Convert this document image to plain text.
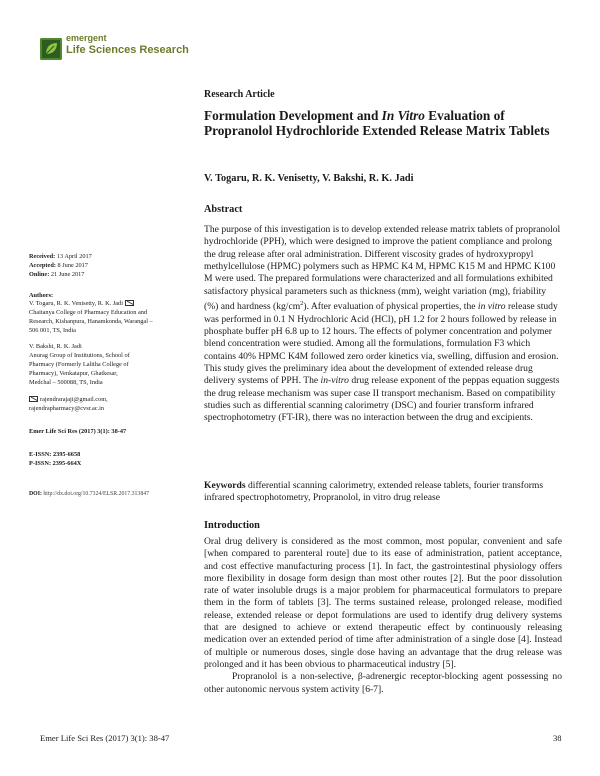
emergent
Life Sciences Research
Research Article
Formulation Development and In Vitro Evaluation of Propranolol Hydrochloride Extended Release Matrix Tablets
V. Togaru, R. K. Venisetty, V. Bakshi, R. K. Jadi
Abstract
The purpose of this investigation is to develop extended release matrix tablets of propranolol hydrochloride (PPH), which were designed to improve the patient compliance and prolong the drug release after oral administration. Different viscosity grades of hydroxypropyl methylcellulose (HPMC) polymers such as HPMC K4 M, HPMC K15 M and HPMC K100 M were used. The prepared formulations were characterized and all formulations exhibited satisfactory physical parameters such as thickness (mm), weight variation (mg), friability (%) and hardness $(kg/cm^2)$. After evaluation of physical properties, the in vitro release study was performed in 0.1 N Hydrochloric Acid (HCl), pH 1.2 for 2 hours followed by release in phosphate buffer pH 6.8 up to 12 hours. The effects of polymer concentration and polymer blend concentration were studied. Among all the formulations, formulation F3 which contains 40% HPMC K4M followed zero order kinetics via, swelling, diffusion and erosion. This study gives the preliminary idea about the development of extended release drug delivery systems of PPH. The in-vitro drug release exponent of the peppas equation suggests the drug release mechanism was super case II transport mechanism. Based on compatibility studies such as differential scanning calorimetry (DSC) and fourier transform infrared spectrophotometry (FT-IR), there was no interaction between the drug and excipients.
Keywords differential scanning calorimetry, extended release tablets, fourier transforms infrared spectrophotometry, Propranolol, in vitro drug release
Introduction

Oral drug delivery is considered as the most common, most popular, convenient and safe [when compared to parenteral route] due to its ease of administration, patient acceptance, and cost effective manufacturing process [1]. In fact, the gastrointestinal physiology offers more flexibility in dosage form design than most other routes [2]. But the poor dissolution rate of water insoluble drugs is a major problem for pharmaceutical formulators to prepare them in the form of tablets [3]. The terms sustained release, prolonged release, modified release, extended release or depot formulations are used to identify drug delivery systems that are designed to achieve or extend therapeutic effect by continuously releasing medication over an extended period of time after administration of a single dose [4]. Instead of multiple or numerous doses, single dose having an advantage that the drug release was prolonged and it has been obvious to pharmaceutical industry [5].

Propranolol is a non-selective, β-adrenergic receptor-blocking agent possessing no other autonomic nervous system activity [6-7].

Received: 13 April 2017
Accepted: 8 June 2017
Online: 21 June 2017
Authors:
V. Togaru, R. K. Venisetty, R. K. Jadi
Chaitanya College of Pharmacy Education and
Research, Kishanpura, Hanamkonda, Warangal –
506 001, TS, India
V. Bakshi, R. K. Jadi
Anurag Group of Institutions, School of
Pharmacy (Formerly Lalitha College of
Pharmacy), Venkatapur, Ghatkesar,
Medchal – 500088, TS, India
rajendrarajaji@gmail.com,
rajendrapharmacy@cvsr.ac.in
Emer Life Sci Res (2017) 3(1): 38-47
E-ISSN: 2395-6658
P-ISSN: 2395-664X
DOI: http://dx.doi.org/10.7324/ELSR.2017.313847
Emer Life Sci Res (2017) 3(1): 38-47	38
